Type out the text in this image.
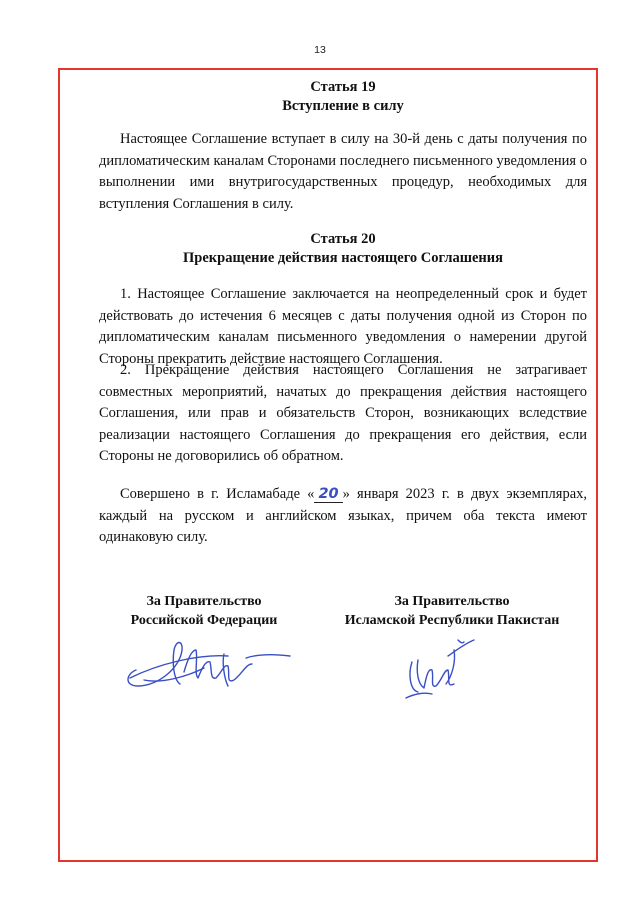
13
Статья 19
Вступление в силу
Настоящее Соглашение вступает в силу на 30-й день с даты получения по дипломатическим каналам Сторонами последнего письменного уведомления о выполнении ими внутригосударственных процедур, необходимых для вступления Соглашения в силу.
Статья 20
Прекращение действия настоящего Соглашения
1. Настоящее Соглашение заключается на неопределенный срок и будет действовать до истечения 6 месяцев с даты получения одной из Сторон по дипломатическим каналам письменного уведомления о намерении другой Стороны прекратить действие настоящего Соглашения.
2. Прекращение действия настоящего Соглашения не затрагивает совместных мероприятий, начатых до прекращения действия настоящего Соглашения, или прав и обязательств Сторон, возникающих вследствие реализации настоящего Соглашения до прекращения его действия, если Стороны не договорились об обратном.
Совершено в г. Исламабаде « 20 » января 2023 г. в двух экземплярах, каждый на русском и английском языках, причем оба текста имеют одинаковую силу.
За Правительство
Российской Федерации
За Правительство
Исламской Республики Пакистан
